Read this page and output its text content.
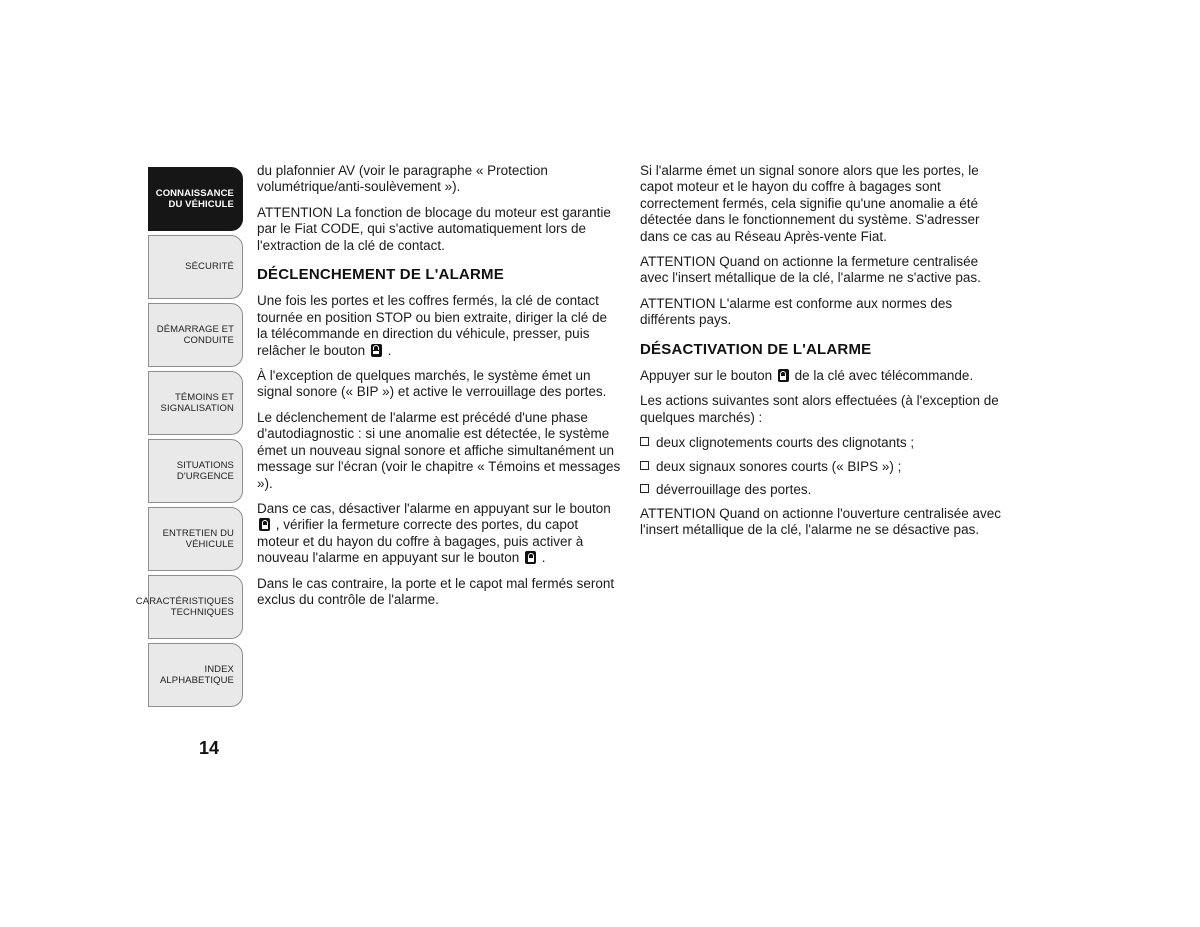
CONNAISSANCE
DU VÉHICULE
SÉCURITÉ
DÉMARRAGE ET
CONDUITE
TÉMOINS ET
SIGNALISATION
SITUATIONS
D'URGENCE
ENTRETIEN DU
VÉHICULE
CARACTÉRISTIQUES
TECHNIQUES
INDEX
ALPHABETIQUE

du plafonnier AV (voir le paragraphe « Protection volumétrique/anti-soulèvement »).

ATTENTION La fonction de blocage du moteur est garantie par le Fiat CODE, qui s'active automatiquement lors de l'extraction de la clé de contact.

DÉCLENCHEMENT DE L'ALARME

Une fois les portes et les coffres fermés, la clé de contact tournée en position STOP ou bien extraite, diriger la clé de la télécommande en direction du véhicule, presser, puis relâcher le bouton
.

À l'exception de quelques marchés, le système émet un signal sonore (« BIP ») et active le verrouillage des portes.

Le déclenchement de l'alarme est précédé d'une phase d'autodiagnostic : si une anomalie est détectée, le système émet un nouveau signal sonore et affiche simultanément un message sur l'écran (voir le chapitre « Témoins et messages »).

Dans ce cas, désactiver l'alarme en appuyant sur le bouton
, vérifier la fermeture correcte des portes, du capot moteur et du hayon du coffre à bagages, puis activer à nouveau l'alarme en appuyant sur le bouton
.

Dans le cas contraire, la porte et le capot mal fermés seront exclus du contrôle de l'alarme.

Si l'alarme émet un signal sonore alors que les portes, le capot moteur et le hayon du coffre à bagages sont correctement fermés, cela signifie qu'une anomalie a été détectée dans le fonctionnement du système. S'adresser dans ce cas au Réseau Après-vente Fiat.

ATTENTION Quand on actionne la fermeture centralisée avec l'insert métallique de la clé, l'alarme ne s'active pas.

ATTENTION L'alarme est conforme aux normes des différents pays.

DÉSACTIVATION DE L'ALARME

Appuyer sur le bouton
de la clé avec télécommande.

Les actions suivantes sont alors effectuées (à l'exception de quelques marchés) :

deux clignotements courts des clignotants ;
deux signaux sonores courts (« BIPS ») ;
déverrouillage des portes.

ATTENTION Quand on actionne l'ouverture centralisée avec l'insert métallique de la clé, l'alarme ne se désactive pas.

14
